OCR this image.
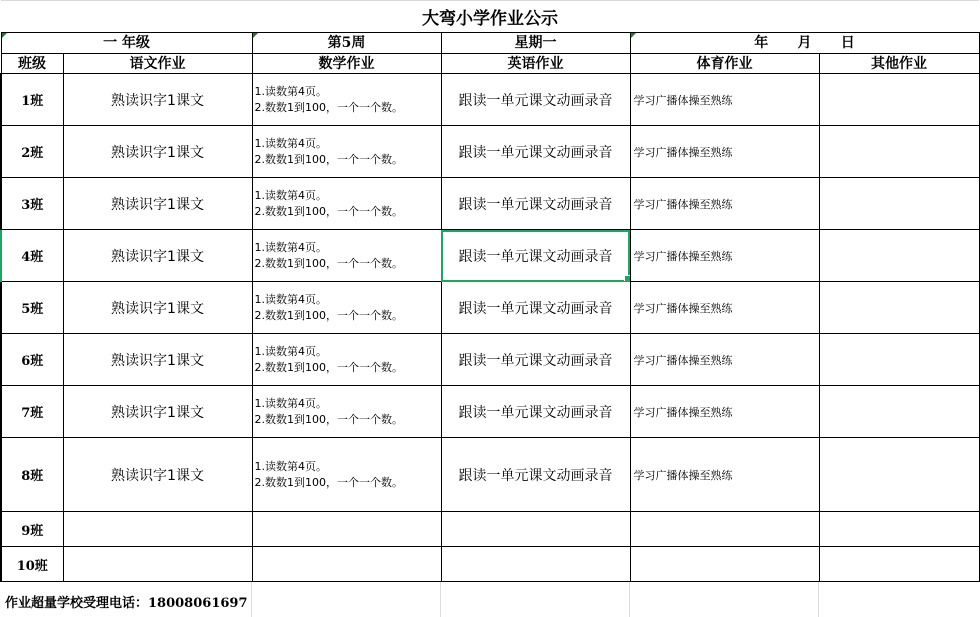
大弯小学作业公示					
一 年级		第5周	星期一	年      月      日	
班级	语文作业	数学作业	英语作业	体育作业	其他作业
1班	熟读识字1课文	1.读数第4页。
2.数数1到100，一个一个数。	跟读一单元课文动画录音	学习广播体操至熟练	
2班	熟读识字1课文	1.读数第4页。
2.数数1到100，一个一个数。	跟读一单元课文动画录音	学习广播体操至熟练	
3班	熟读识字1课文	1.读数第4页。
2.数数1到100，一个一个数。	跟读一单元课文动画录音	学习广播体操至熟练	
4班	熟读识字1课文	1.读数第4页。
2.数数1到100，一个一个数。	跟读一单元课文动画录音	学习广播体操至熟练	
5班	熟读识字1课文	1.读数第4页。
2.数数1到100，一个一个数。	跟读一单元课文动画录音	学习广播体操至熟练	
6班	熟读识字1课文	1.读数第4页。
2.数数1到100，一个一个数。	跟读一单元课文动画录音	学习广播体操至熟练	
7班	熟读识字1课文	1.读数第4页。
2.数数1到100，一个一个数。	跟读一单元课文动画录音	学习广播体操至熟练	
8班	熟读识字1课文	1.读数第4页。
2.数数1到100，一个一个数。	跟读一单元课文动画录音	学习广播体操至熟练	
9班		

10班		

作业超量学校受理电话：18008061697
